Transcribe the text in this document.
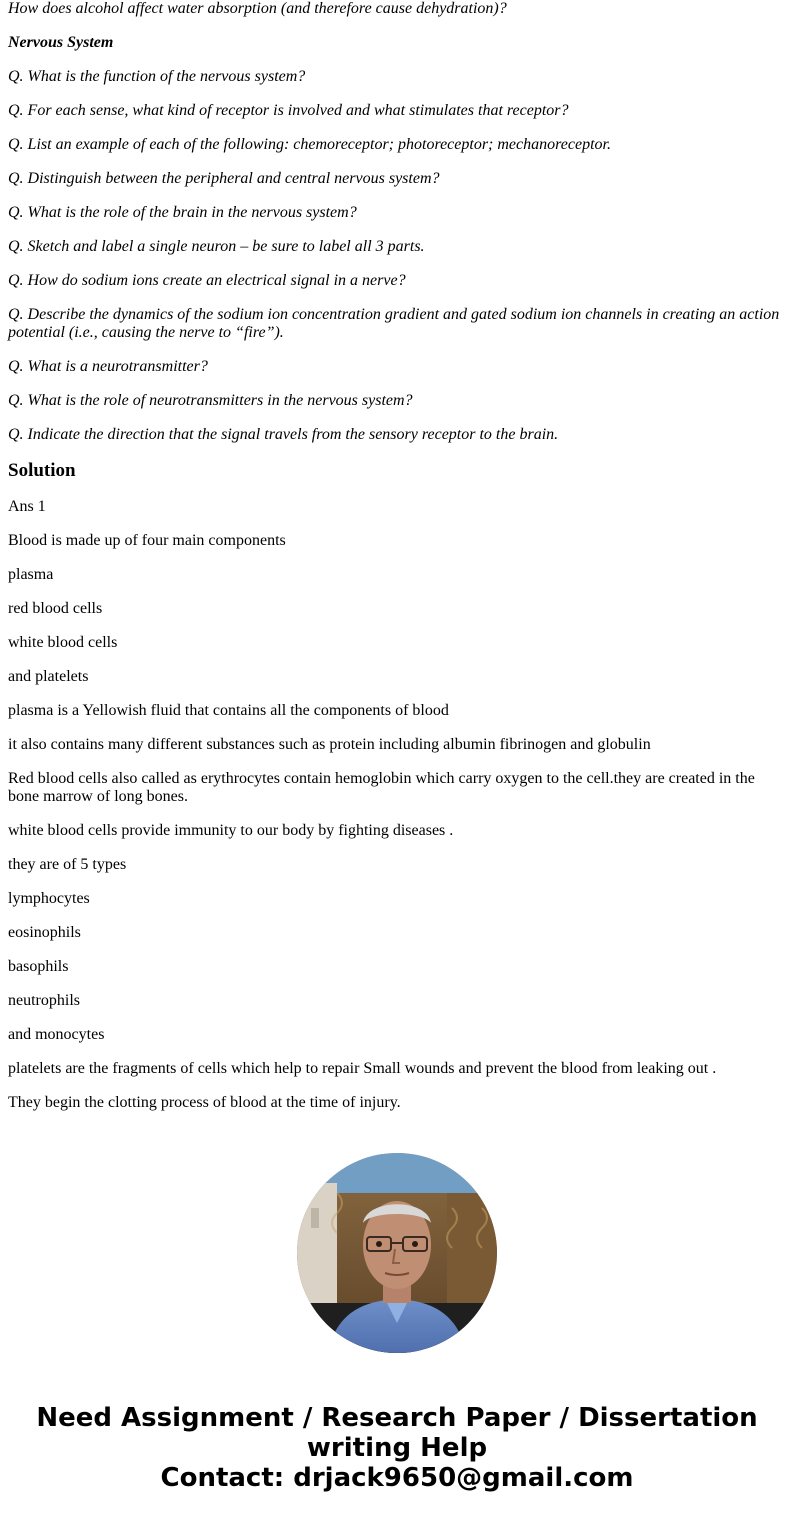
How does alcohol affect water absorption (and therefore cause dehydration)?

Nervous System

Q. What is the function of the nervous system?

Q. For each sense, what kind of receptor is involved and what stimulates that receptor?

Q. List an example of each of the following: chemoreceptor; photoreceptor; mechanoreceptor.

Q. Distinguish between the peripheral and central nervous system?

Q. What is the role of the brain in the nervous system?

Q. Sketch and label a single neuron – be sure to label all 3 parts.

Q. How do sodium ions create an electrical signal in a nerve?

Q. Describe the dynamics of the sodium ion concentration gradient and gated sodium ion channels in creating an action potential (i.e., causing the nerve to “fire”).

Q. What is a neurotransmitter?

Q. What is the role of neurotransmitters in the nervous system?

Q. Indicate the direction that the signal travels from the sensory receptor to the brain.

Solution

Ans 1

Blood is made up of four main components

plasma

red blood cells

white blood cells

and platelets

plasma is a Yellowish fluid that contains all the components of blood

it also contains many different substances such as protein including albumin fibrinogen and globulin

Red blood cells also called as erythrocytes contain hemoglobin which carry oxygen to the cell.they are created in the bone marrow of long bones.

white blood cells provide immunity to our body by fighting diseases .

they are of 5 types

lymphocytes

eosinophils

basophils

neutrophils

and monocytes

platelets are the fragments of cells which help to repair Small wounds and prevent the blood from leaking out .

They begin the clotting process of blood at the time of injury.

Need Assignment / Research Paper / Dissertation writing Help
Contact: drjack9650@gmail.com
